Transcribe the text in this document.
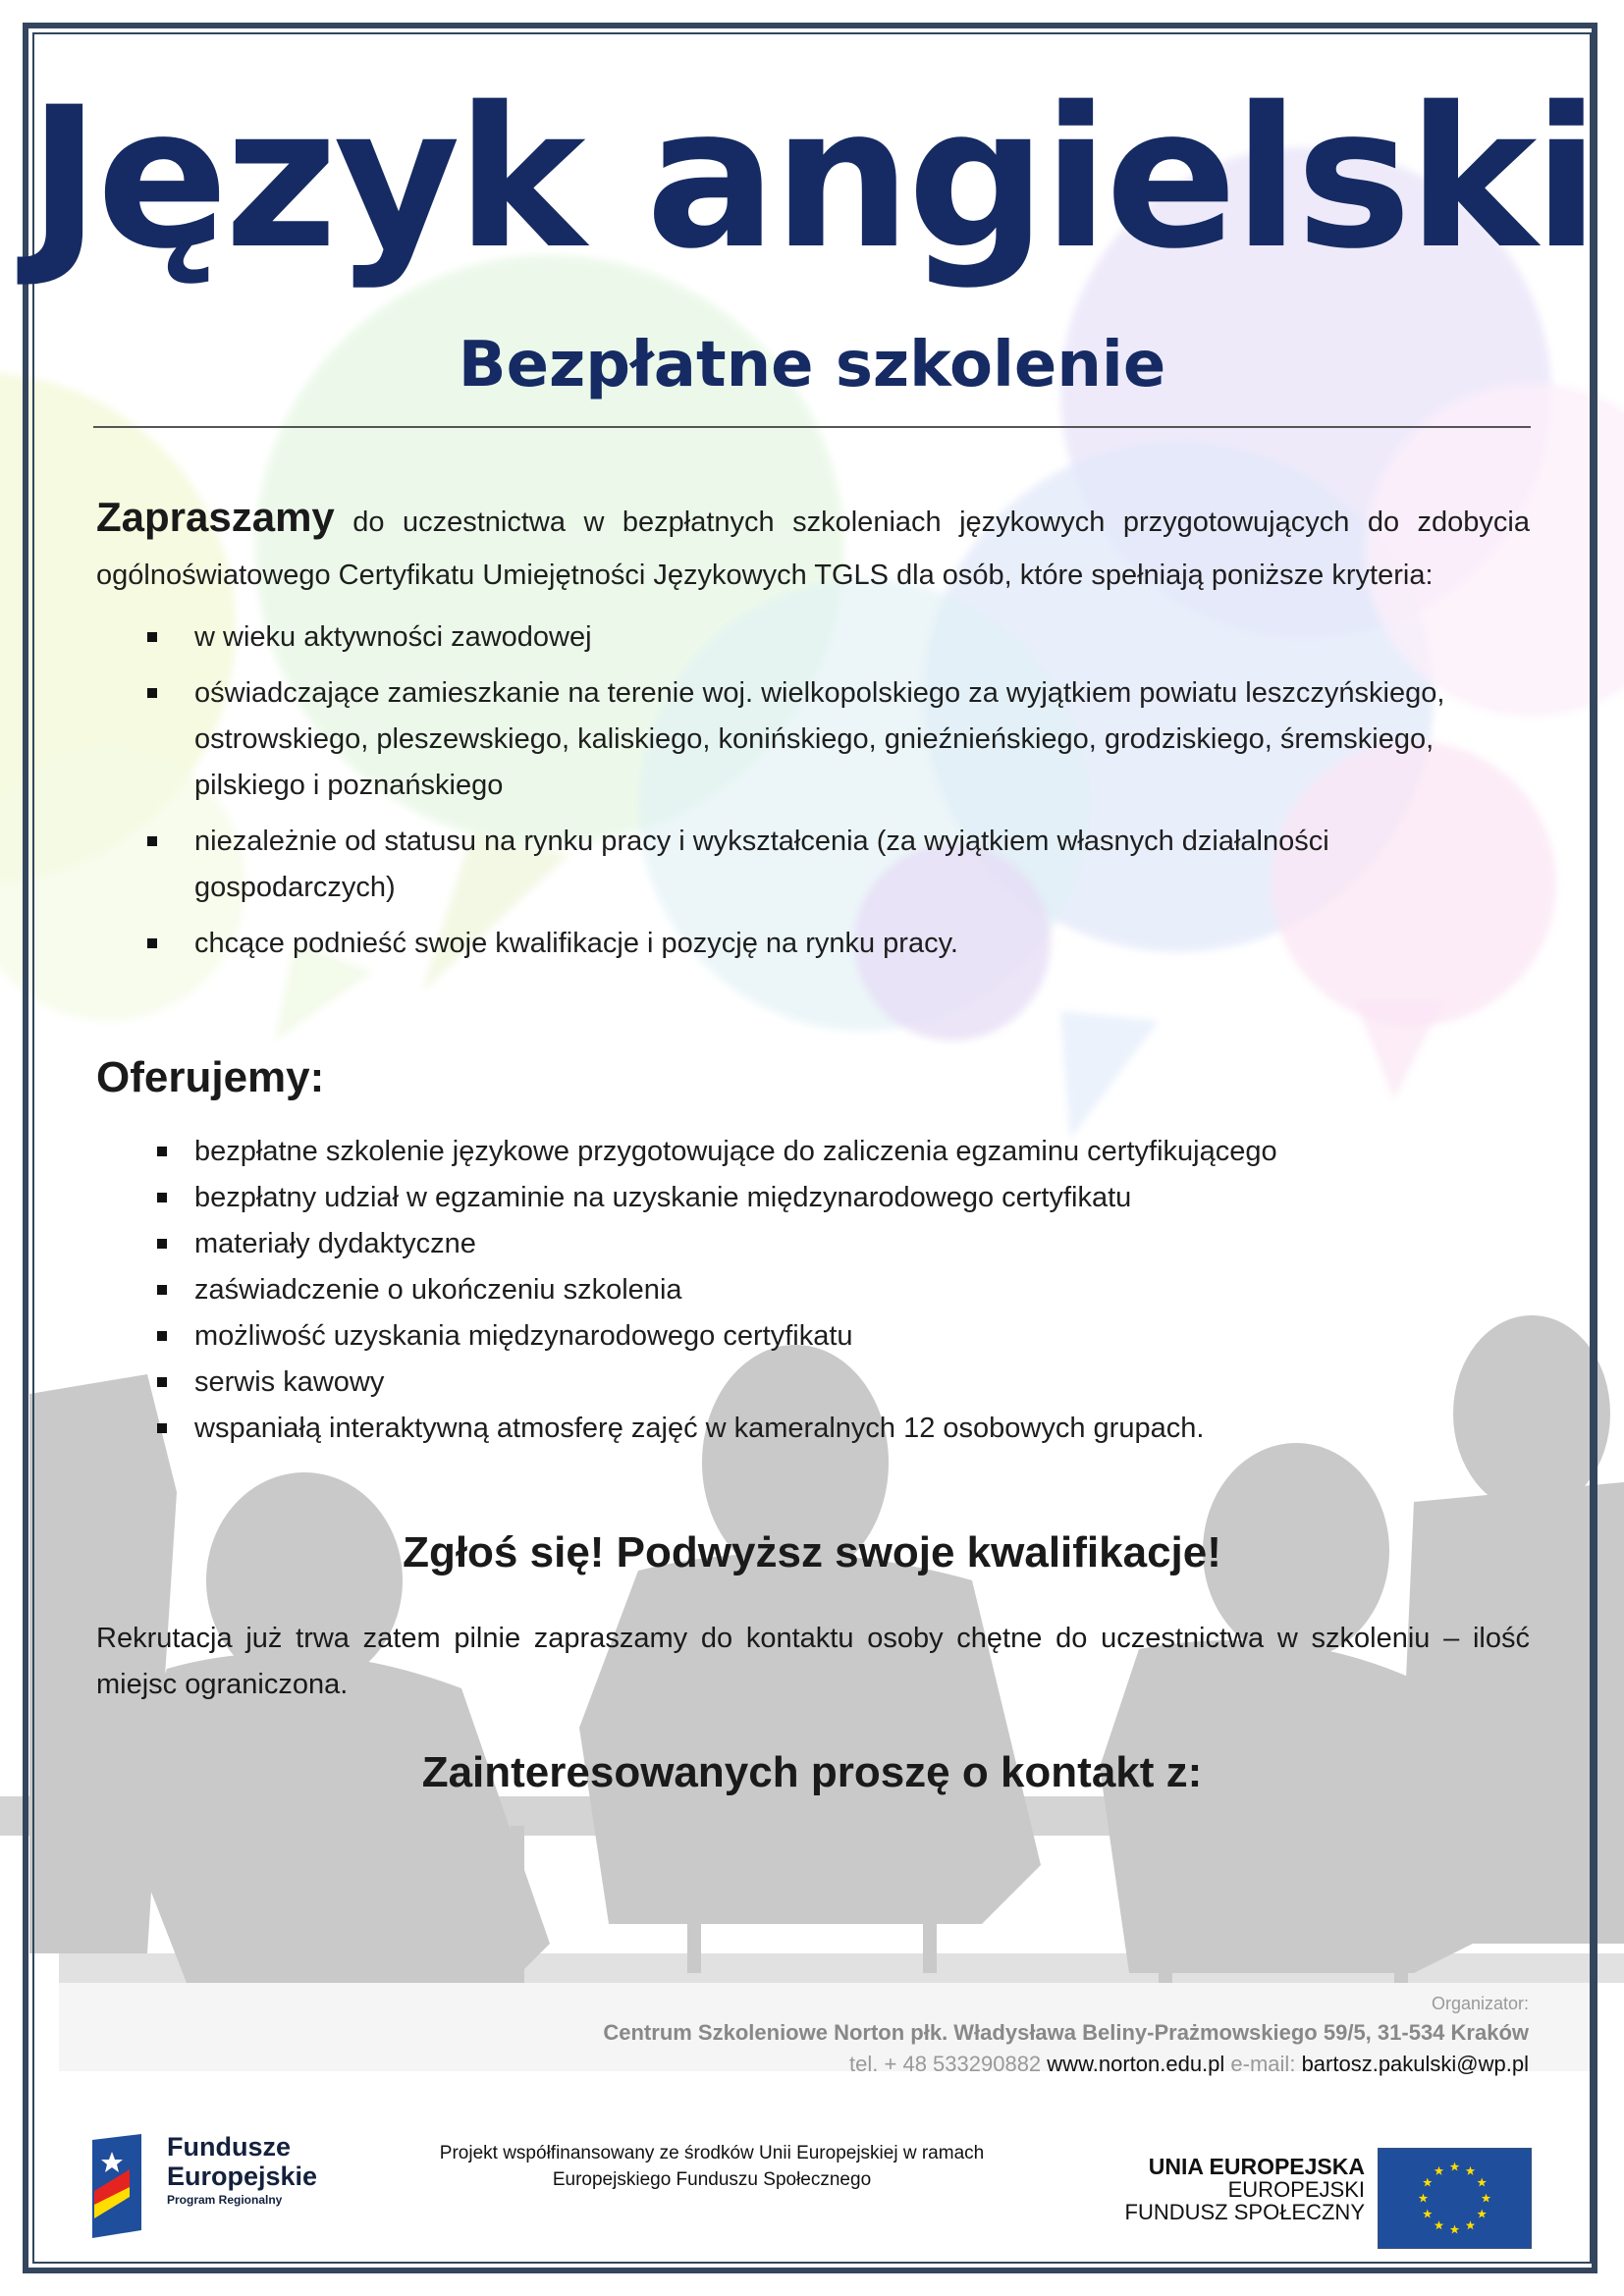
Język angielski
Bezpłatne szkolenie
Zapraszamy do uczestnictwa w bezpłatnych szkoleniach językowych przygotowujących do zdobycia ogólnoświatowego Certyfikatu Umiejętności Językowych TGLS dla osób, które spełniają poniższe kryteria:
w wieku aktywności zawodowej
oświadczające zamieszkanie na terenie woj. wielkopolskiego za wyjątkiem powiatu leszczyńskiego, ostrowskiego, pleszewskiego, kaliskiego, konińskiego, gnieźnieńskiego, grodziskiego, śremskiego, pilskiego i poznańskiego
niezależnie od statusu na rynku pracy i wykształcenia (za wyjątkiem własnych działalności gospodarczych)
chcące podnieść swoje kwalifikacje i pozycję na rynku pracy.
Oferujemy:
bezpłatne szkolenie językowe przygotowujące do zaliczenia egzaminu certyfikującego
bezpłatny udział w egzaminie na uzyskanie międzynarodowego certyfikatu
materiały dydaktyczne
zaświadczenie o ukończeniu szkolenia
możliwość uzyskania międzynarodowego certyfikatu
serwis kawowy
wspaniałą interaktywną atmosferę zajęć w kameralnych 12 osobowych grupach.
Zgłoś się! Podwyższ swoje kwalifikacje!
Rekrutacja już trwa zatem pilnie zapraszamy do kontaktu osoby chętne do uczestnictwa w szkoleniu – ilość miejsc ograniczona.
Zainteresowanych proszę o kontakt z:
Organizator:
Centrum Szkoleniowe Norton płk. Władysława Beliny-Prażmowskiego 59/5, 31-534 Kraków
tel. + 48 533290882 www.norton.edu.pl e-mail: bartosz.pakulski@wp.pl
Fundusze
Europejskie
Program Regionalny
Projekt współfinansowany ze środków Unii Europejskiej w ramach
Europejskiego Funduszu Społecznego
UNIA EUROPEJSKA
EUROPEJSKI
FUNDUSZ SPOŁECZNY
